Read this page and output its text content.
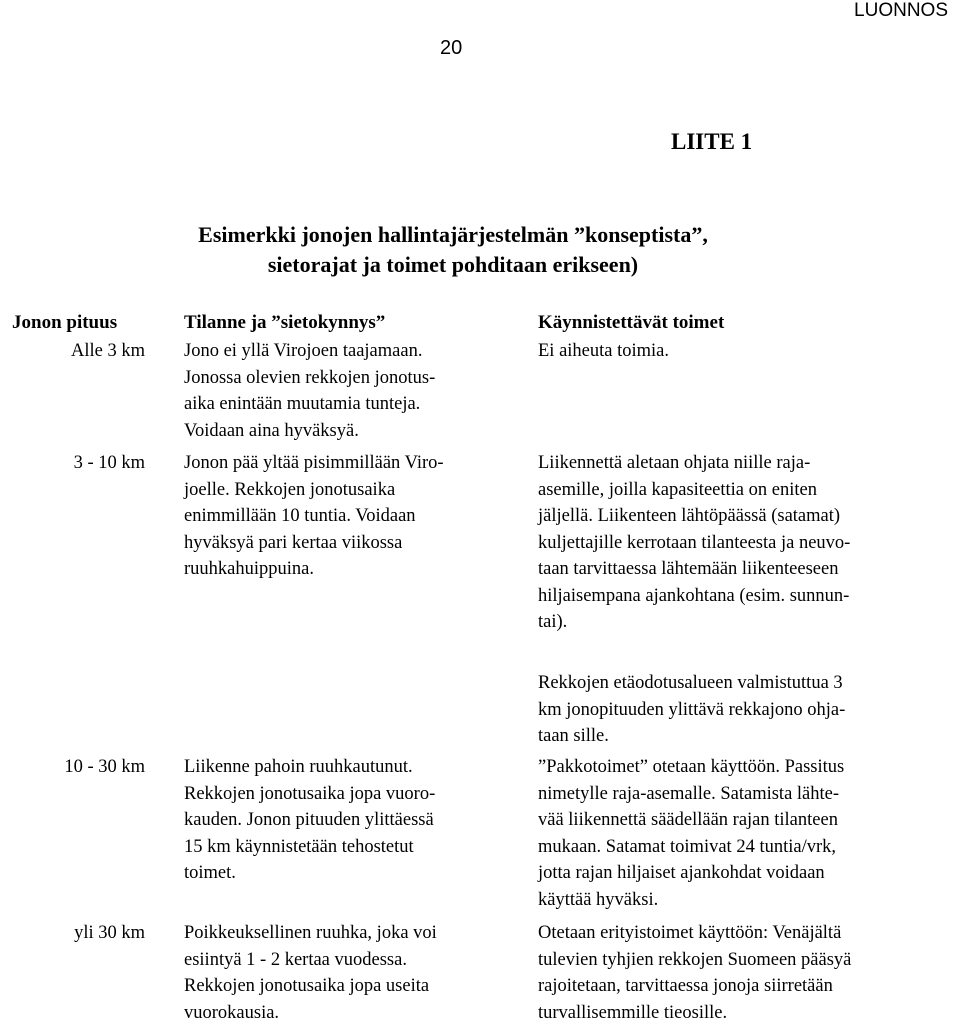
LUONNOS
20
LIITE 1
Esimerkki jonojen hallintajärjestelmän ”konseptista”,
sietorajat ja toimet pohditaan erikseen)
Jonon pituus	Tilanne ja ”sietokynnys”	Käynnistettävät toimet
Alle 3 km Jono ei yllä Virojoen taajamaan.
Jonossa olevien rekkojen jonotus-
aika enintään muutamia tunteja.
Voidaan aina hyväksyä.
Ei aiheuta toimia.
3 - 10 km Jonon pää yltää pisimmillään Viro-
joelle. Rekkojen jonotusaika
enimmillään 10 tuntia. Voidaan
hyväksyä pari kertaa viikossa
ruuhkahuippuina.
Liikennettä aletaan ohjata niille raja-
asemille, joilla kapasiteettia on eniten
jäljellä. Liikenteen lähtöpäässä (satamat)
kuljettajille kerrotaan tilanteesta ja neuvo-
taan tarvittaessa lähtemään liikenteeseen
hiljaisempana ajankohtana (esim. sunnun-
tai).
Rekkojen etäodotusalueen valmistuttua 3
km jonopituuden ylittävä rekkajono ohja-
taan sille.
10 - 30 km Liikenne pahoin ruuhkautunut.
Rekkojen jonotusaika jopa vuoro-
kauden. Jonon pituuden ylittäessä
15 km käynnistetään tehostetut
toimet.
”Pakkotoimet” otetaan käyttöön. Passitus
nimetylle raja-asemalle. Satamista lähte-
vää liikennettä säädellään rajan tilanteen
mukaan. Satamat toimivat 24 tuntia/vrk,
jotta rajan hiljaiset ajankohdat voidaan
käyttää hyväksi.
yli 30 km Poikkeuksellinen ruuhka, joka voi
esiintyä 1 - 2 kertaa vuodessa.
Rekkojen jonotusaika jopa useita
vuorokausia.
Otetaan erityistoimet käyttöön: Venäjältä
tulevien tyhjien rekkojen Suomeen pääsyä
rajoitetaan, tarvittaessa jonoja siirretään
turvallisemmille tieosille.
